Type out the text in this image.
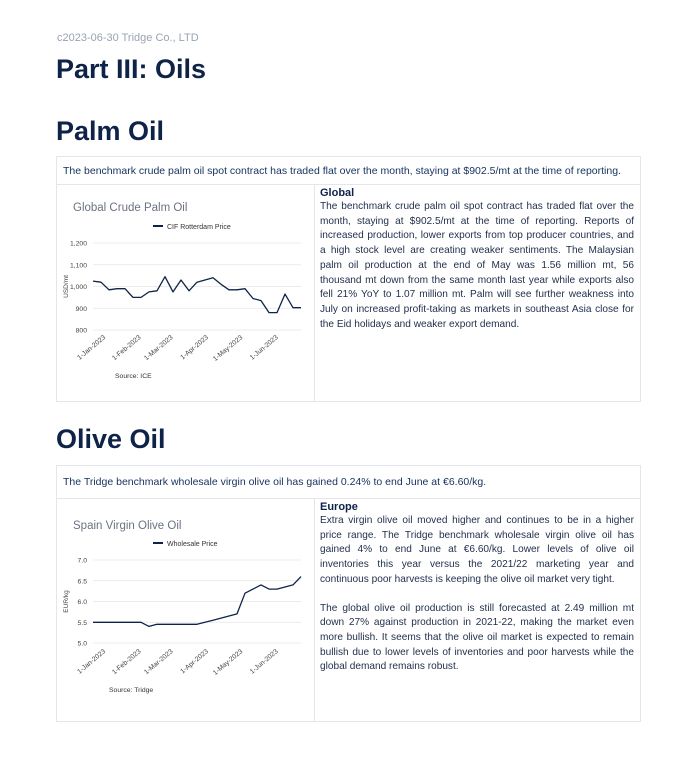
c2023-06-30 Tridge Co., LTD
Part III: Oils
Palm Oil
The benchmark crude palm oil spot contract has traded flat over the month, staying at $902.5/mt at the time of reporting.
Global Crude Palm Oil
CIF Rotterdam Price
1,200
1,100
1,000
900
800
USD/mt
1-Jan-2023 1-Feb-2023 1-Mar-2023 1-Apr-2023 1-May-2023 1-Jun-2023
Source: ICE

Global

The benchmark crude palm oil spot contract has traded flat over the month, staying at $902.5/mt at the time of reporting. Reports of increased production, lower exports from top producer countries, and a high stock level are creating weaker sentiments. The Malaysian palm oil production at the end of May was 1.56 million mt, 56 thousand mt down from the same month last year while exports also fell 21% YoY to 1.07 million mt. Palm will see further weakness into July on increased profit-taking as markets in southeast Asia close for the Eid holidays and weaker export demand.

Olive Oil
The Tridge benchmark wholesale virgin olive oil has gained 0.24% to end June at €6.60/kg.
Spain Virgin Olive Oil
Wholesale Price
7.0
6.5
6.0
5.5
5.0
EUR/kg
1-Jan-2023 1-Feb-2023 1-Mar-2023 1-Apr-2023 1-May-2023 1-Jun-2023
Source: Tridge

Europe

Extra virgin olive oil moved higher and continues to be in a higher price range. The Tridge benchmark wholesale virgin olive oil has gained 4% to end June at €6.60/kg. Lower levels of olive oil inventories this year versus the 2021/22 marketing year and continuous poor harvests is keeping the olive oil market very tight.

The global olive oil production is still forecasted at 2.49 million mt down 27% against production in 2021-22, making the market even more bullish. It seems that the olive oil market is expected to remain bullish due to lower levels of inventories and poor harvests while the global demand remains robust.
